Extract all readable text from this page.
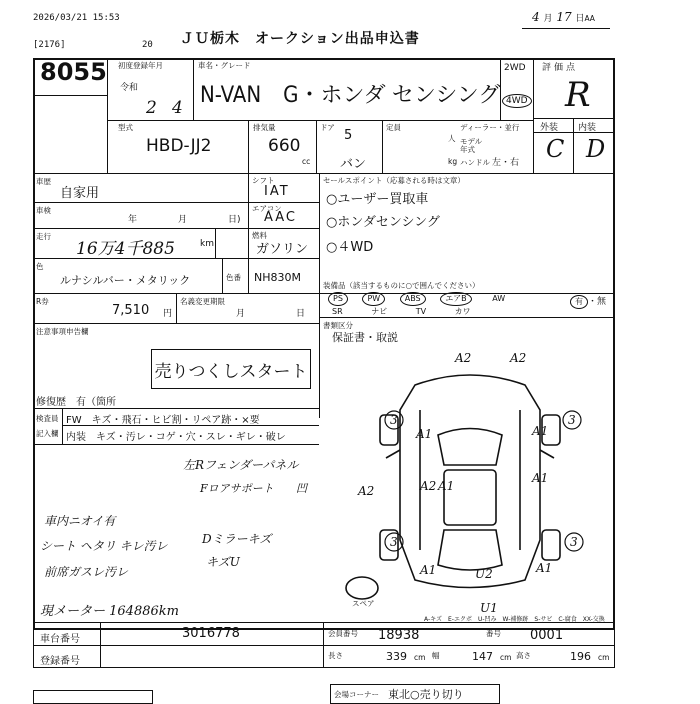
2026/03/21 15:53
[2176]	20 ＪＵ栃木　オークション出品申込書
4 月 17 日AA
8055 初度登録年月
令和
2 4
車名・グレード
N-VAN　G・ホンダ センシング
2WD
4WD
評価点
R
外装 内装
C D
型式
HBD-JJ2
排気量
660
cc
ドア
5
バン
定員
人
ディーラー・並行
モデル年式
kg ハンドル 左・右
車歴
自家用
車検
年	月	日)
走行
16万4千885	km
シフト
IAT
エアコン
AAC
燃料
ガソリン
色
ルナシルバー・メタリック	色番 NH830M
セールスポイント（応募される時は文章）
○ユーザー買取車
○ホンダセンシング
○４WD
R券
7,510 円
名義変更期限
月	日
装備品（該当するものに○で囲んでください）
PS	PW	ABS	エアB	AW
SR	ナビ	TV	カワ
有 ・無
書類区分
保証書・取説
注意事項申告欄
売りつくしスタート
修復歴　有（箇所
検査員
記入欄
FW　キズ・飛石・ヒビ割・リペア跡・×要
内装　キズ・汚レ・コゲ・穴・スレ・ギレ・破レ
左Rフェンダーパネル
Fロアサポート 凹
車内ニオイ有
シート ヘタリ キレ汚レ
前席ガスレ汚レ
Dミラーキズ
キズU
現メーター 164886km
A2	A2
3	3
A1	A1
A2
A1
3	3
A1	A1
U2
U1
A1
A2
スペア
A-キズ　E-エクボ　U-凹み　W-補修跡　S-サビ　C-腐食　XX-交換
車台番号	3016778
登録番号
会員番号 18938	番号 0001
長さ	339 cm 幅	147 cm 高さ	196 cm
会場コーナー 東北○売り切り
